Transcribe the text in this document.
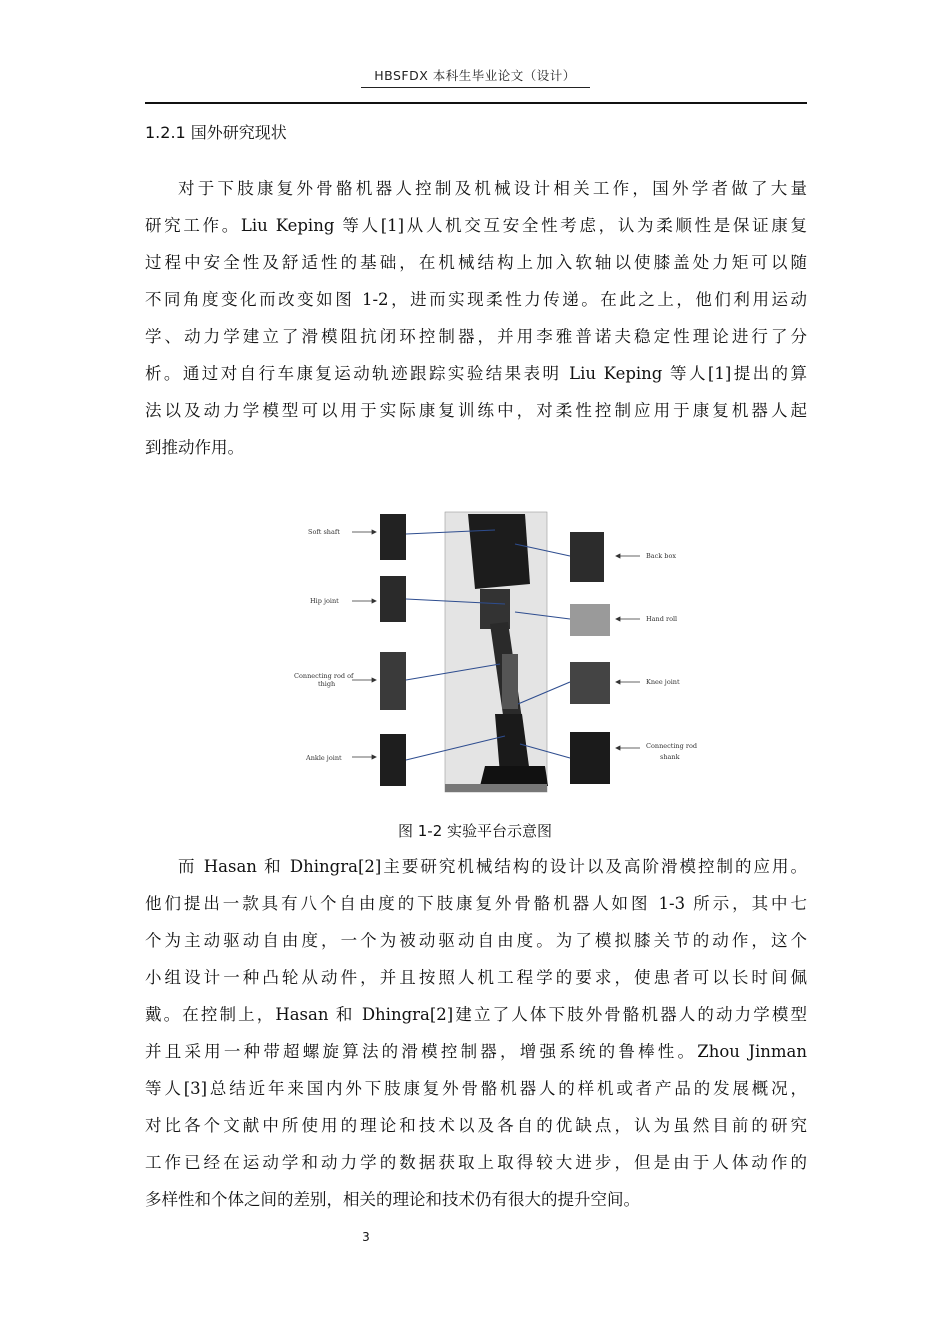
HBSFDX 本科生毕业论文（设计）
1.2.1 国外研究现状
对于下肢康复外骨骼机器人控制及机械设计相关工作，国外学者做了大量
研究工作。Liu Keping 等人[1]从人机交互安全性考虑，认为柔顺性是保证康复
过程中安全性及舒适性的基础，在机械结构上加入软轴以使膝盖处力矩可以随
不同角度变化而改变如图 1-2，进而实现柔性力传递。在此之上，他们利用运动
学、动力学建立了滑模阻抗闭环控制器，并用李雅普诺夫稳定性理论进行了分
析。通过对自行车康复运动轨迹跟踪实验结果表明 Liu Keping 等人[1]提出的算
法以及动力学模型可以用于实际康复训练中，对柔性控制应用于康复机器人起
到推动作用。
Soft shaft
Hip joint
Connecting rod of
thigh
Ankle joint
Back box
Hand roll
Knee joint
Connecting rod
shank
图 1-2 实验平台示意图
而 Hasan 和 Dhingra[2]主要研究机械结构的设计以及高阶滑模控制的应用。
他们提出一款具有八个自由度的下肢康复外骨骼机器人如图 1-3 所示，其中七
个为主动驱动自由度，一个为被动驱动自由度。为了模拟膝关节的动作，这个
小组设计一种凸轮从动件，并且按照人机工程学的要求，使患者可以长时间佩
戴。在控制上，Hasan 和 Dhingra[2]建立了人体下肢外骨骼机器人的动力学模型
并且采用一种带超螺旋算法的滑模控制器，增强系统的鲁棒性。Zhou Jinman
等人[3]总结近年来国内外下肢康复外骨骼机器人的样机或者产品的发展概况，
对比各个文献中所使用的理论和技术以及各自的优缺点，认为虽然目前的研究
工作已经在运动学和动力学的数据获取上取得较大进步，但是由于人体动作的
多样性和个体之间的差别，相关的理论和技术仍有很大的提升空间。
3
